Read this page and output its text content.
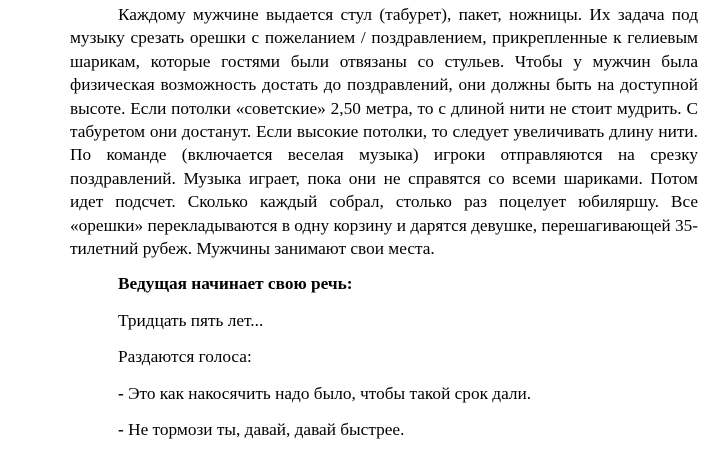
Каждому мужчине выдается стул (табурет), пакет, ножницы. Их задача под музыку срезать орешки с пожеланием / поздравлением, прикрепленные к гелиевым шарикам, которые гостями были отвязаны со стульев. Чтобы у мужчин была физическая возможность достать до поздравлений, они должны быть на доступной высоте. Если потолки «советские» 2,50 метра, то с длиной нити не стоит мудрить. С табуретом они достанут. Если высокие потолки, то следует увеличивать длину нити. По команде (включается веселая музыка) игроки отправляются на срезку поздравлений. Музыка играет, пока они не справятся со всеми шариками. Потом идет подсчет. Сколько каждый собрал, столько раз поцелует юбиляршу. Все «орешки» перекладываются в одну корзину и дарятся девушке, перешагивающей 35-тилетний рубеж. Мужчины занимают свои места.

Ведущая начинает свою речь:

Тридцать пять лет...

Раздаются голоса:

- Это как накосячить надо было, чтобы такой срок дали.

- Не тормози ты, давай, давай быстрее.
